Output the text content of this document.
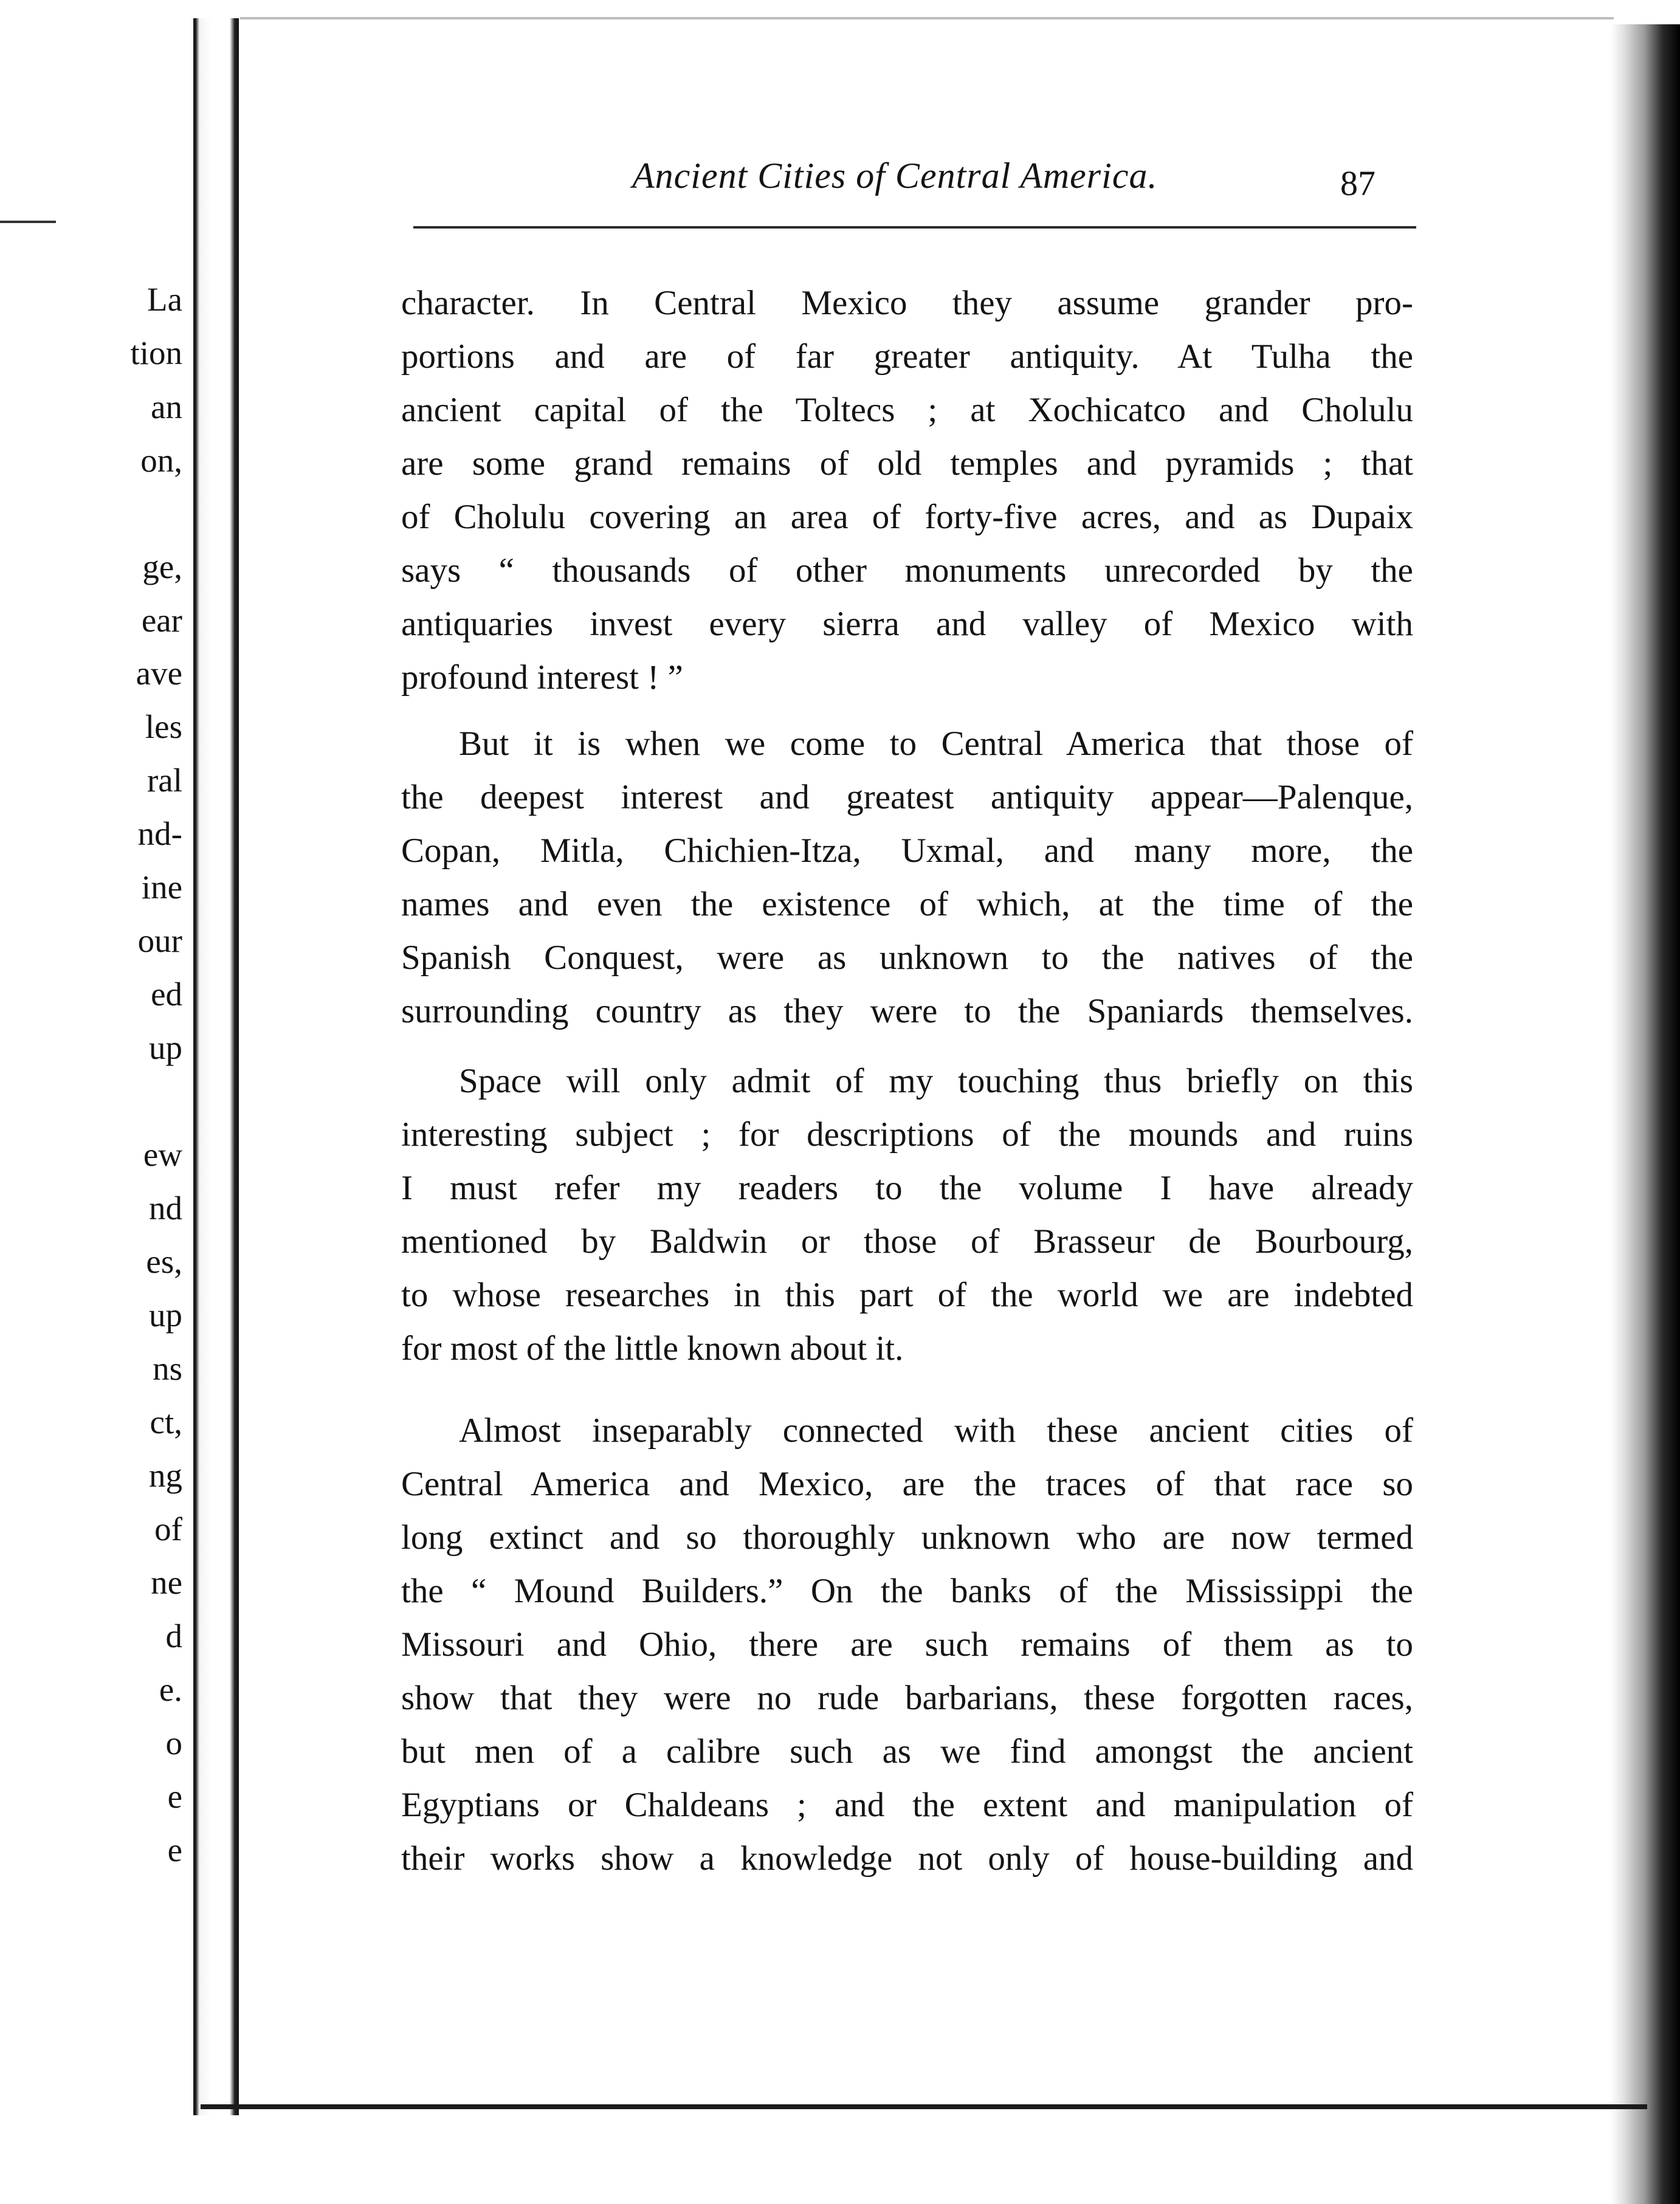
La
tion
an
on,
ge,
ear
ave
les
ral
nd-
ine
our
ed
up
ew
nd
es,
up
ns
ct,
ng
of
ne
d
e.
o
e
e
Ancient Cities of Central America.	87
character. In Central Mexico they assume grander pro-
portions and are of far greater antiquity. At Tulha the
ancient capital of the Toltecs ; at Xochicatco and Cholulu
are some grand remains of old temples and pyramids ; that
of Cholulu covering an area of forty-five acres, and as Dupaix
says “ thousands of other monuments unrecorded by the
antiquaries invest every sierra and valley of Mexico with
profound interest ! ”
But it is when we come to Central America that those of
the deepest interest and greatest antiquity appear—Palenque,
Copan, Mitla, Chichien-Itza, Uxmal, and many more, the
names and even the existence of which, at the time of the
Spanish Conquest, were as unknown to the natives of the
surrounding country as they were to the Spaniards themselves.
Space will only admit of my touching thus briefly on this
interesting subject ; for descriptions of the mounds and ruins
I must refer my readers to the volume I have already
mentioned by Baldwin or those of Brasseur de Bourbourg,
to whose researches in this part of the world we are indebted
for most of the little known about it.
Almost inseparably connected with these ancient cities of
Central America and Mexico, are the traces of that race so
long extinct and so thoroughly unknown who are now termed
the “ Mound Builders.” On the banks of the Mississippi the
Missouri and Ohio, there are such remains of them as to
show that they were no rude barbarians, these forgotten races,
but men of a calibre such as we find amongst the ancient
Egyptians or Chaldeans ; and the extent and manipulation of
their works show a knowledge not only of house-building and
